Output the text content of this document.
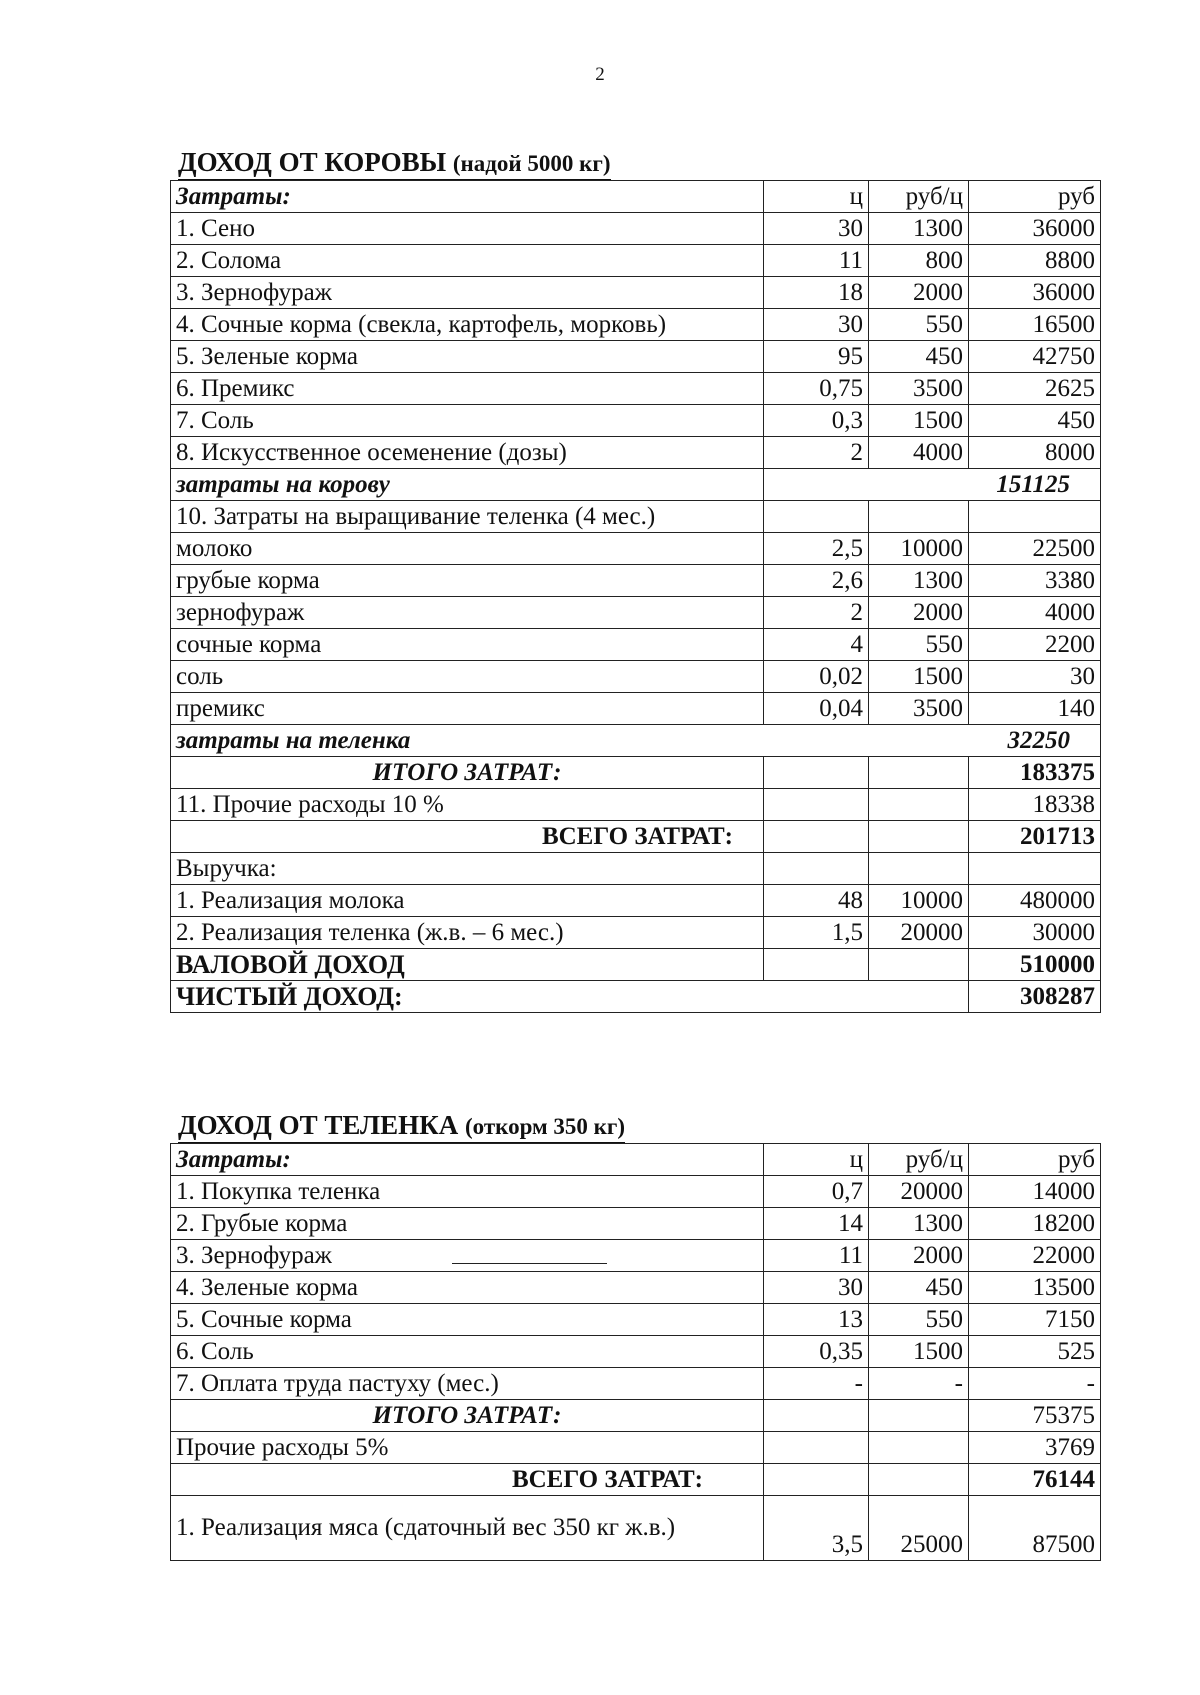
2
ДОХОД ОТ КОРОВЫ (надой 5000 кг)
Затраты:	ц	руб/ц	руб
1. Сено	30	1300	36000
2. Солома	11	800	8800
3. Зернофураж	18	2000	36000
4. Сочные корма (свекла, картофель, морковь)	30	550	16500
5. Зеленые корма	95	450	42750
6. Премикс	0,75	3500	2625
7. Соль	0,3	1500	450
8. Искусственное осеменение (дозы)	2	4000	8000
затраты на корову	151125		
10. Затраты на выращивание теленка (4 мес.)			
молоко	2,5	10000	22500
грубые корма	2,6	1300	3380
зернофураж	2	2000	4000
сочные корма	4	550	2200
соль	0,02	1500	30
премикс	0,04	3500	140
затраты на теленка	32250		
ИТОГО ЗАТРАТ:			183375
11. Прочие расходы 10 %			18338
ВСЕГО ЗАТРАТ:			201713
Выручка:			
1. Реализация молока	48	10000	480000
2. Реализация теленка (ж.в. – 6 мес.)	1,5	20000	30000
ВАЛОВОЙ ДОХОД			510000
ЧИСТЫЙ ДОХОД:			308287
ДОХОД ОТ ТЕЛЕНКА (откорм 350 кг)
Затраты:	ц	руб/ц	руб
1. Покупка теленка	0,7	20000	14000
2. Грубые корма	14	1300	18200
3. Зернофураж	11	2000	22000
4. Зеленые корма	30	450	13500
5. Сочные корма	13	550	7150
6. Соль	0,35	1500	525
7. Оплата труда пастуху (мес.)	-	-	-
ИТОГО ЗАТРАТ:			75375
Прочие расходы 5%			3769
ВСЕГО ЗАТРАТ:			76144
1. Реализация мяса (сдаточный вес 350 кг ж.в.)	3,5	25000	87500
